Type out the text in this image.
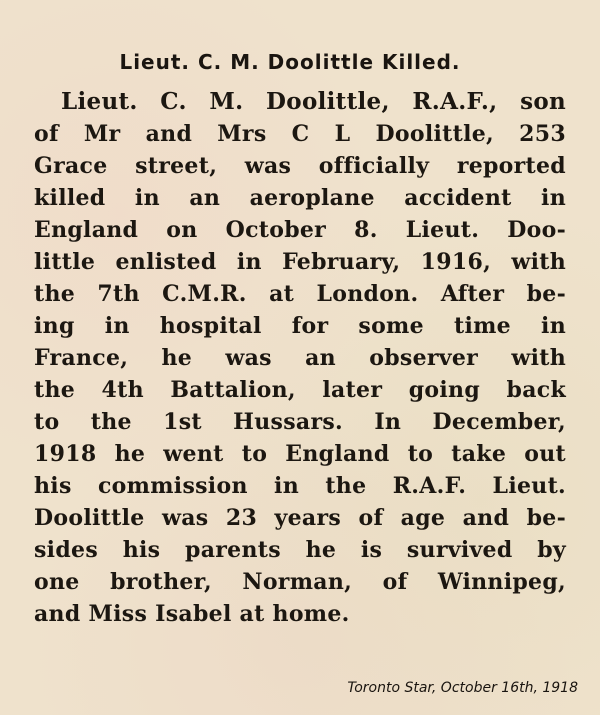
Lieut. C. M. Doolittle Killed.
Lieut. C. M. Doolittle, R.A.F., son
of Mr and Mrs C L Doolittle, 253
Grace street, was officially reported
killed in an aeroplane accident in
England on October 8. Lieut. Doo-
little enlisted in February, 1916, with
the 7th C.M.R. at London. After be-
ing in hospital for some time in
France, he was an observer with
the 4th Battalion, later going back
to the 1st Hussars. In December,
1918 he went to England to take out
his commission in the R.A.F. Lieut.
Doolittle was 23 years of age and be-
sides his parents he is survived by
one brother, Norman, of Winnipeg,
and Miss Isabel at home.
Toronto Star, October 16th, 1918
